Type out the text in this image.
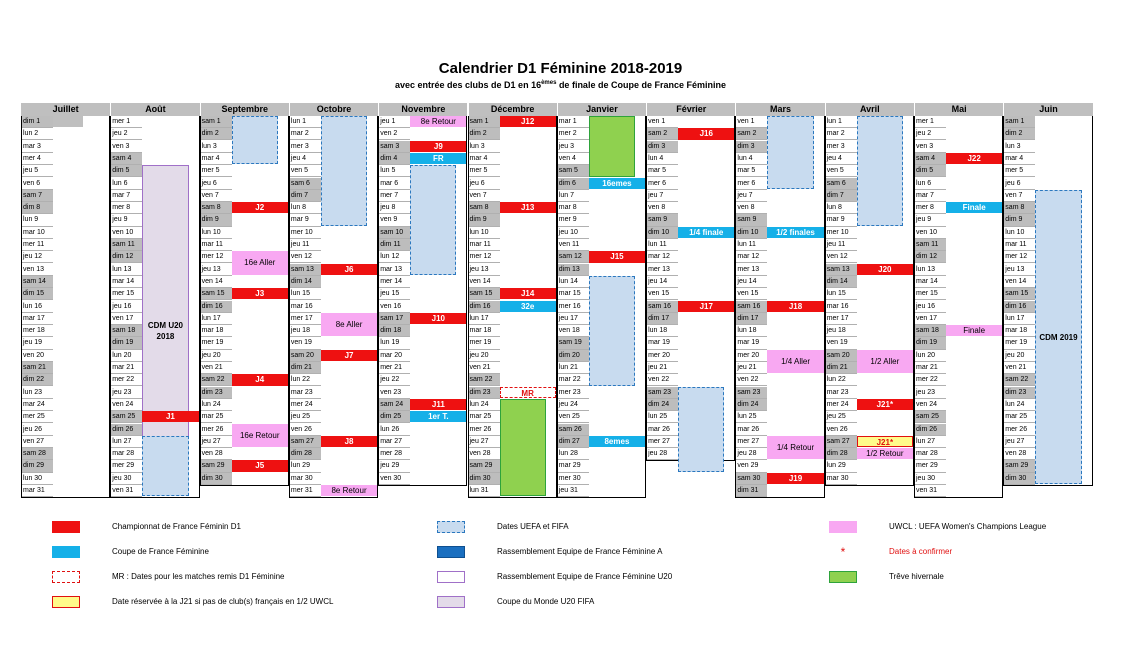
Calendrier D1 Féminine 2018-2019
avec entrée des clubs de D1 en 16èmes de finale de Coupe de France Féminine
Juillet
dim 1
lun 2
mar 3
mer 4
jeu 5
ven 6
sam 7
dim 8
lun 9
mar 10
mer 11
jeu 12
ven 13
sam 14
dim 15
lun 16
mar 17
mer 18
jeu 19
ven 20
sam 21
dim 22
lun 23
mar 24
mer 25
jeu 26
ven 27
sam 28
dim 29
lun 30
mar 31
Août
mer 1
jeu 2
ven 3
sam 4
dim 5
lun 6
mar 7
mer 8
jeu 9
ven 10
sam 11
dim 12
lun 13
mar 14
mer 15
jeu 16
ven 17
sam 18
dim 19
lun 20
mar 21
mer 22
jeu 23
ven 24
sam 25
dim 26
lun 27
mar 28
mer 29
jeu 30
ven 31
Septembre
sam 1
dim 2
lun 3
mar 4
mer 5
jeu 6
ven 7
sam 8
dim 9
lun 10
mar 11
mer 12
jeu 13
ven 14
sam 15
dim 16
lun 17
mar 18
mer 19
jeu 20
ven 21
sam 22
dim 23
lun 24
mar 25
mer 26
jeu 27
ven 28
sam 29
dim 30
Octobre
lun 1
mar 2
mer 3
jeu 4
ven 5
sam 6
dim 7
lun 8
mar 9
mer 10
jeu 11
ven 12
sam 13
dim 14
lun 15
mar 16
mer 17
jeu 18
ven 19
sam 20
dim 21
lun 22
mar 23
mer 24
jeu 25
ven 26
sam 27
dim 28
lun 29
mar 30
mer 31
Novembre
jeu 1
ven 2
sam 3
dim 4
lun 5
mar 6
mer 7
jeu 8
ven 9
sam 10
dim 11
lun 12
mar 13
mer 14
jeu 15
ven 16
sam 17
dim 18
lun 19
mar 20
mer 21
jeu 22
ven 23
sam 24
dim 25
lun 26
mar 27
mer 28
jeu 29
ven 30
Décembre
sam 1
dim 2
lun 3
mar 4
mer 5
jeu 6
ven 7
sam 8
dim 9
lun 10
mar 11
mer 12
jeu 13
ven 14
sam 15
dim 16
lun 17
mar 18
mer 19
jeu 20
ven 21
sam 22
dim 23
lun 24
mar 25
mer 26
jeu 27
ven 28
sam 29
dim 30
lun 31
Janvier
mar 1
mer 2
jeu 3
ven 4
sam 5
dim 6
lun 7
mar 8
mer 9
jeu 10
ven 11
sam 12
dim 13
lun 14
mar 15
mer 16
jeu 17
ven 18
sam 19
dim 20
lun 21
mar 22
mer 23
jeu 24
ven 25
sam 26
dim 27
lun 28
mar 29
mer 30
jeu 31
Février
ven 1
sam 2
dim 3
lun 4
mar 5
mer 6
jeu 7
ven 8
sam 9
dim 10
lun 11
mar 12
mer 13
jeu 14
ven 15
sam 16
dim 17
lun 18
mar 19
mer 20
jeu 21
ven 22
sam 23
dim 24
lun 25
mar 26
mer 27
jeu 28
Mars
ven 1
sam 2
dim 3
lun 4
mar 5
mer 6
jeu 7
ven 8
sam 9
dim 10
lun 11
mar 12
mer 13
jeu 14
ven 15
sam 16
dim 17
lun 18
mar 19
mer 20
jeu 21
ven 22
sam 23
dim 24
lun 25
mar 26
mer 27
jeu 28
ven 29
sam 30
dim 31
Avril
lun 1
mar 2
mer 3
jeu 4
ven 5
sam 6
dim 7
lun 8
mar 9
mer 10
jeu 11
ven 12
sam 13
dim 14
lun 15
mar 16
mer 17
jeu 18
ven 19
sam 20
dim 21
lun 22
mar 23
mer 24
jeu 25
ven 26
sam 27
dim 28
lun 29
mar 30
Mai
mer 1
jeu 2
ven 3
sam 4
dim 5
lun 6
mar 7
mer 8
jeu 9
ven 10
sam 11
dim 12
lun 13
mar 14
mer 15
jeu 16
ven 17
sam 18
dim 19
lun 20
mar 21
mer 22
jeu 23
ven 24
sam 25
dim 26
lun 27
mar 28
mer 29
jeu 30
ven 31
Juin
sam 1
dim 2
lun 3
mar 4
mer 5
jeu 6
ven 7
sam 8
dim 9
lun 10
mar 11
mer 12
jeu 13
ven 14
sam 15
dim 16
lun 17
mar 18
mer 19
jeu 20
ven 21
sam 22
dim 23
lun 24
mar 25
mer 26
jeu 27
ven 28
sam 29
dim 30
CDM U20
2018
J1
J2
16e Aller
J3
J4
16e Retour
J5
J6
8e Aller
J7
J8
8e Retour
8e Retour
J9
FR
J10
J11
1er T.
J12
J13
J14
32e
MR
16emes
J15
8emes
J16
1/4 finale
J17
1/2 finales
J18
1/4 Aller
1/4 Retour
J19
J20
1/2 Aller
J21*
J21*
1/2 Retour
J22
Finale
Finale
CDM 2019
Championnat de France Féminin D1
Coupe de France Féminine
MR : Dates pour les matches remis D1 Féminine
Date réservée à la J21 si pas de club(s) français en 1/2 UWCL
Dates UEFA et FIFA
Rassemblement Equipe de France Féminine A
Rassemblement Equipe de France Féminine U20
Coupe du Monde U20 FIFA
UWCL : UEFA Women's Champions League
*	Dates à confirmer
Trêve hivernale
